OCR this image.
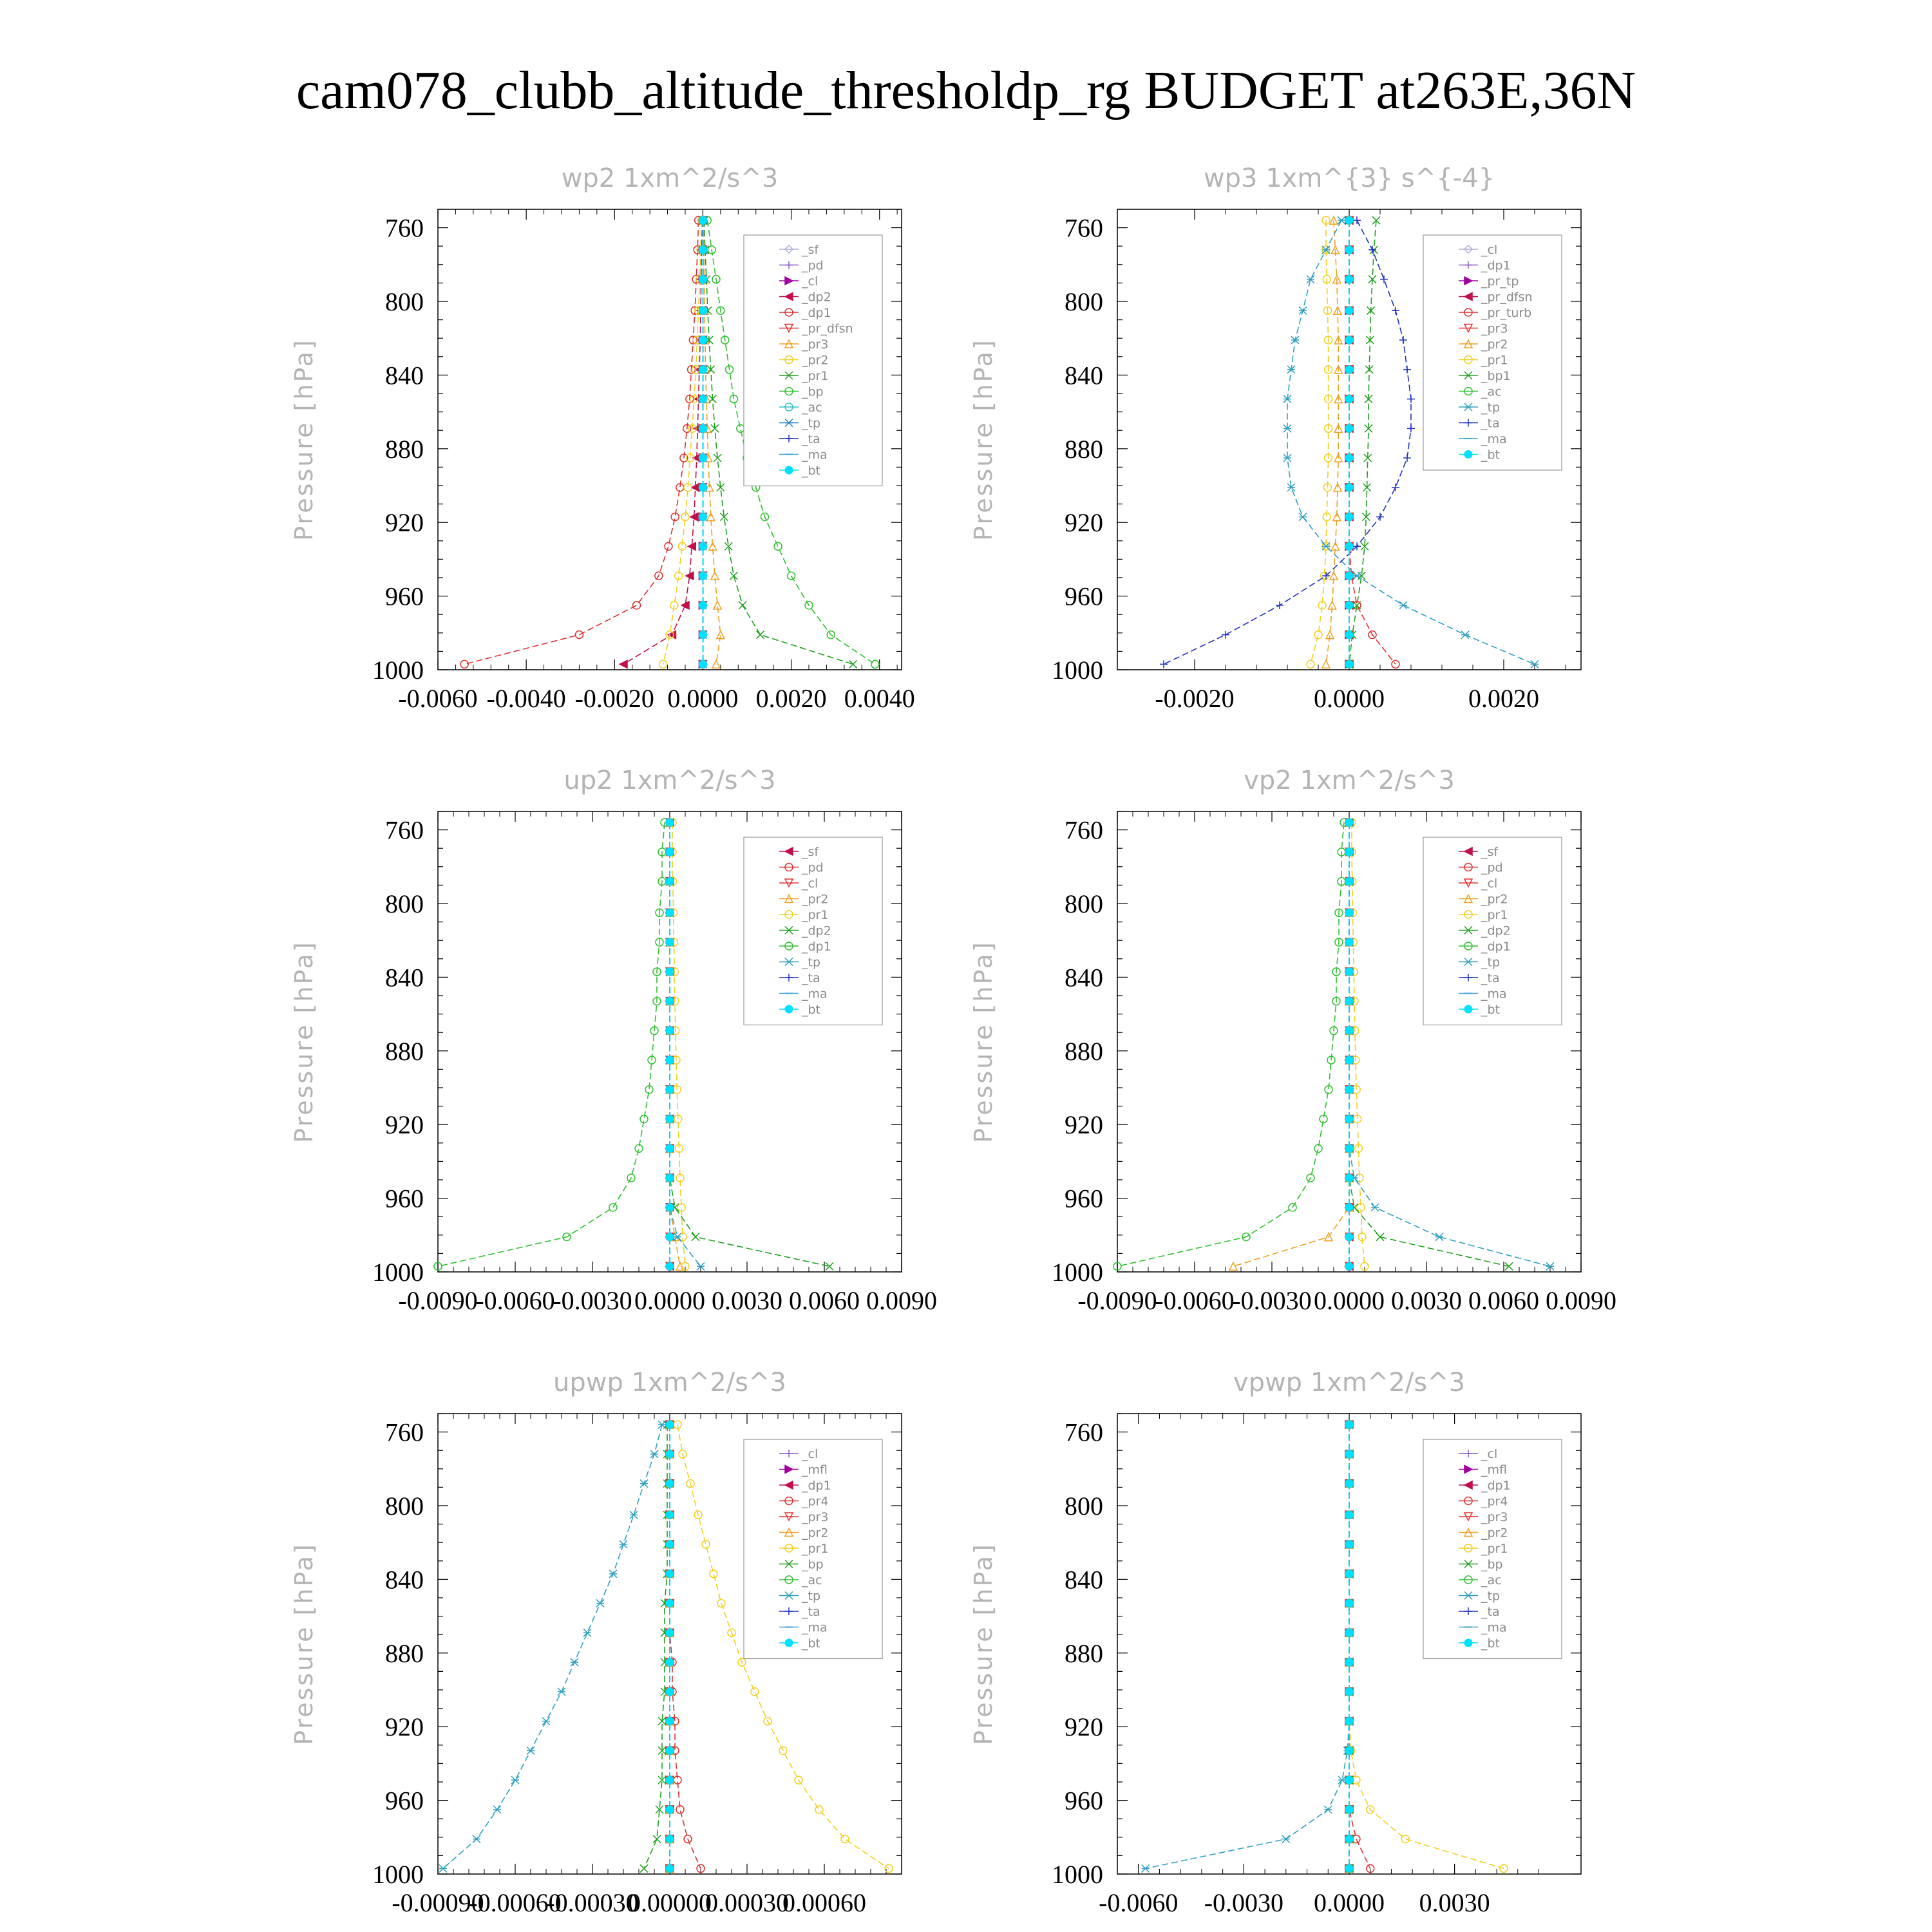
cam078_clubb_altitude_thresholdp_rg BUDGET at263E,36N
wp2 1xm^2/s^3
Pressure [hPa]
760
800
840
880
920
960
1000
-0.0060 -0.0040 -0.0020 0.0000 0.0020 0.0040
_sf
_pd
_cl
_dp2
_dp1
_pr_dfsn
_pr3
_pr2
_pr1
_bp
_ac
_tp
_ta
_ma
_bt
wp3 1xm^{3} s^{-4}
Pressure [hPa]
760
800
840
880
920
960
1000
-0.0020	0.0000	0.0020
_cl
_dp1
_pr_tp
_pr_dfsn
_pr_turb
_pr3
_pr2
_pr1
_bp1
_ac
_tp
_ta
_ma
_bt
up2 1xm^2/s^3
Pressure [hPa]
760
800
840
880
920
960
1000
-0.0090
-0.0060
-0.0030 0.0000 0.0030 0.0060 0.0090
_sf
_pd
_cl
_pr2
_pr1
_dp2
_dp1
_tp
_ta
_ma
_bt
vp2 1xm^2/s^3
Pressure [hPa]
760
800
840
880
920
960
1000
-0.0090
-0.0060
-0.0030 0.0000 0.0030 0.0060 0.0090
_sf
_pd
_cl
_pr2
_pr1
_dp2
_dp1
_tp
_ta
_ma
_bt
upwp 1xm^2/s^3
Pressure [hPa]
760
800
840
880
920
960
1000
-0.00090
-0.00060
-0.00030
0.00000
0.00030
0.00060
_cl
_mfl
_dp1
_pr4
_pr3
_pr2
_pr1
_bp
_ac
_tp
_ta
_ma
_bt
vpwp 1xm^2/s^3
Pressure [hPa]
760
800
840
880
920
960
1000
-0.0060 -0.0030 0.0000 0.0030
_cl
_mfl
_dp1
_pr4
_pr3
_pr2
_pr1
_bp
_ac
_tp
_ta
_ma
_bt
